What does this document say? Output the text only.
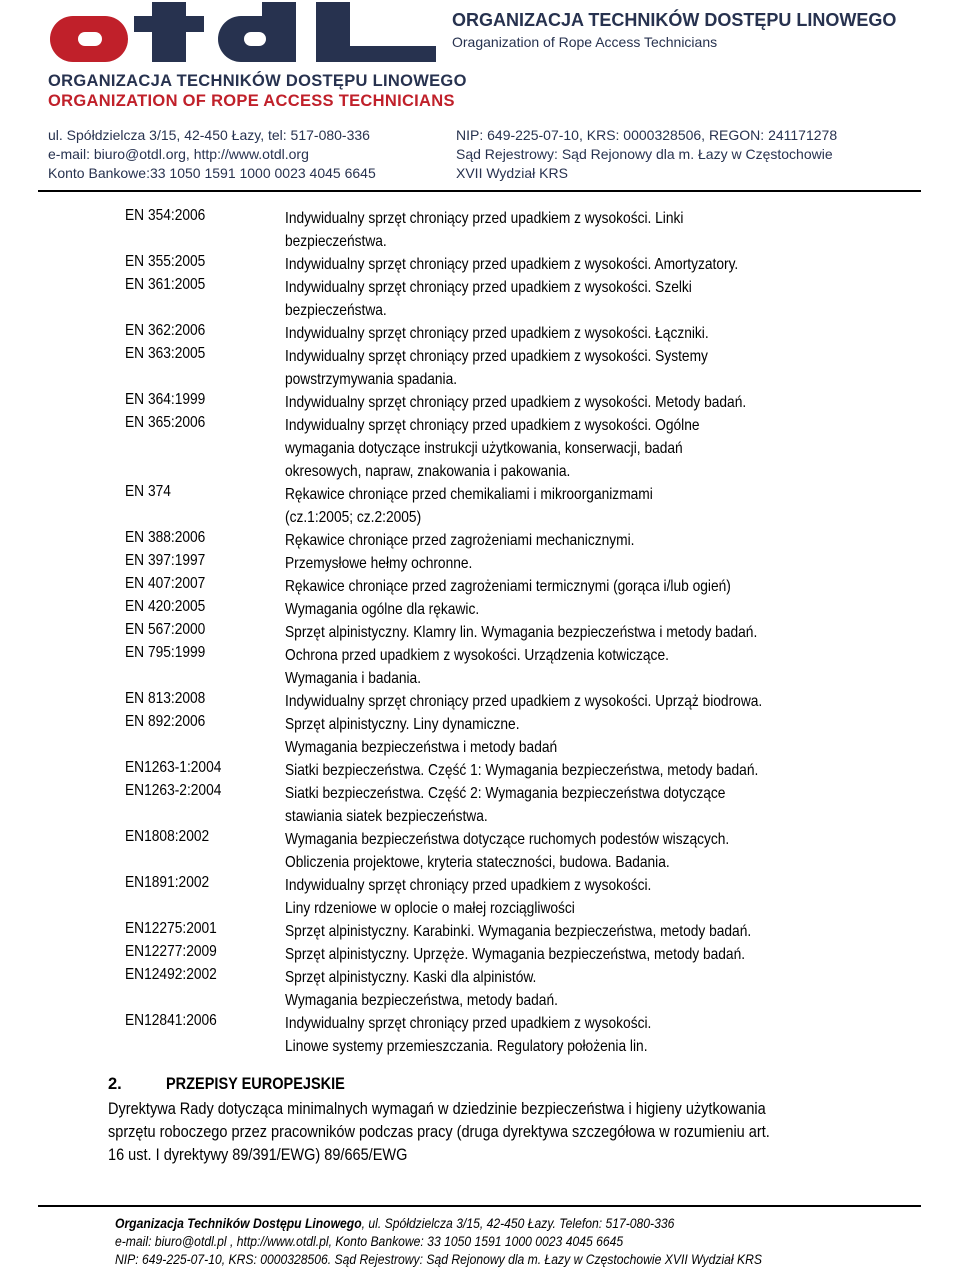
ORGANIZACJA TECHNIKÓW DOSTĘPU LINOWEGO
Oraganization of Rope Access Technicians
ORGANIZACJA TECHNIKÓW DOSTĘPU LINOWEGO
ORGANIZATION OF ROPE ACCESS TECHNICIANS
ul. Spółdzielcza 3/15, 42-450 Łazy, tel: 517-080-336
e-mail: biuro@otdl.org, http://www.otdl.org
Konto Bankowe:33 1050 1591 1000 0023 4045 6645
NIP: 649-225-07-10, KRS: 0000328506, REGON: 241171278
Sąd Rejestrowy: Sąd Rejonowy dla m. Łazy w Częstochowie
XVII Wydział KRS
EN 354:2006	Indywidualny sprzęt chroniący przed upadkiem z wysokości. Linki
bezpieczeństwa.
EN 355:2005	Indywidualny sprzęt chroniący przed upadkiem z wysokości. Amortyzatory.
EN 361:2005	Indywidualny sprzęt chroniący przed upadkiem z wysokości. Szelki
bezpieczeństwa.
EN 362:2006	Indywidualny sprzęt chroniący przed upadkiem z wysokości. Łączniki.
EN 363:2005	Indywidualny sprzęt chroniący przed upadkiem z wysokości. Systemy
powstrzymywania spadania.
EN 364:1999	Indywidualny sprzęt chroniący przed upadkiem z wysokości. Metody badań.
EN 365:2006	Indywidualny sprzęt chroniący przed upadkiem z wysokości. Ogólne
wymagania dotyczące instrukcji użytkowania, konserwacji, badań
okresowych, napraw, znakowania i pakowania.
EN 374	Rękawice chroniące przed chemikaliami i mikroorganizmami
(cz.1:2005; cz.2:2005)
EN 388:2006	Rękawice chroniące przed zagrożeniami mechanicznymi.
EN 397:1997	Przemysłowe hełmy ochronne.
EN 407:2007	Rękawice chroniące przed zagrożeniami termicznymi (gorąca i/lub ogień)
EN 420:2005	Wymagania ogólne dla rękawic.
EN 567:2000	Sprzęt alpinistyczny. Klamry lin. Wymagania bezpieczeństwa i metody badań.
EN 795:1999	Ochrona przed upadkiem z wysokości. Urządzenia kotwiczące.
Wymagania i badania.
EN 813:2008	Indywidualny sprzęt chroniący przed upadkiem z wysokości. Uprząż biodrowa.
EN 892:2006	Sprzęt alpinistyczny. Liny dynamiczne.
Wymagania bezpieczeństwa i metody badań
EN1263-1:2004	Siatki bezpieczeństwa. Część 1: Wymagania bezpieczeństwa, metody badań.
EN1263-2:2004	Siatki bezpieczeństwa. Część 2: Wymagania bezpieczeństwa dotyczące
stawiania siatek bezpieczeństwa.
EN1808:2002	Wymagania bezpieczeństwa dotyczące ruchomych podestów wiszących.
Obliczenia projektowe, kryteria stateczności, budowa. Badania.
EN1891:2002	Indywidualny sprzęt chroniący przed upadkiem z wysokości.
Liny rdzeniowe w oplocie o małej rozciągliwości
EN12275:2001	Sprzęt alpinistyczny. Karabinki. Wymagania bezpieczeństwa, metody badań.
EN12277:2009	Sprzęt alpinistyczny. Uprzęże. Wymagania bezpieczeństwa, metody badań.
EN12492:2002	Sprzęt alpinistyczny. Kaski dla alpinistów.
Wymagania bezpieczeństwa, metody badań.
EN12841:2006	Indywidualny sprzęt chroniący przed upadkiem z wysokości.
Linowe systemy przemieszczania. Regulatory położenia lin.
2.	PRZEPISY EUROPEJSKIE
Dyrektywa Rady dotycząca minimalnych wymagań w dziedzinie bezpieczeństwa i higieny użytkowania
sprzętu roboczego przez pracowników podczas pracy (druga dyrektywa szczegółowa w rozumieniu art.
16 ust. I dyrektywy 89/391/EWG) 89/665/EWG
Organizacja Techników Dostępu Linowego, ul. Spółdzielcza 3/15, 42-450 Łazy. Telefon: 517-080-336
e-mail: biuro@otdl.pl , http://www.otdl.pl, Konto Bankowe: 33 1050 1591 1000 0023 4045 6645
NIP: 649-225-07-10, KRS: 0000328506. Sąd Rejestrowy: Sąd Rejonowy dla m. Łazy w Częstochowie XVII Wydział KRS
